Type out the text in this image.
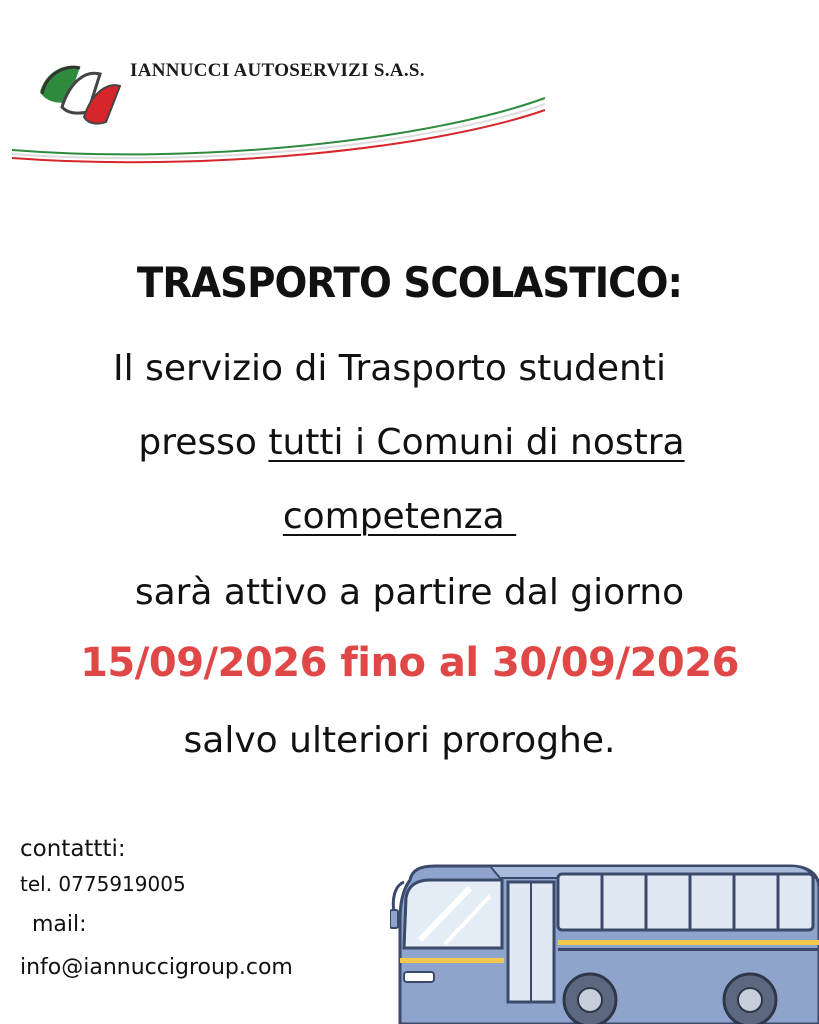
IANNUCCI AUTOSERVIZI S.A.S.
TRASPORTO SCOLASTICO:
Il servizio di Trasporto studenti
presso tutti i Comuni di nostra
competenza
sarà attivo a partire dal giorno
15/09/2026 fino al 30/09/2026
salvo ulteriori proroghe.
contattti:
tel. 0775919005
mail:
info@iannuccigroup.com
